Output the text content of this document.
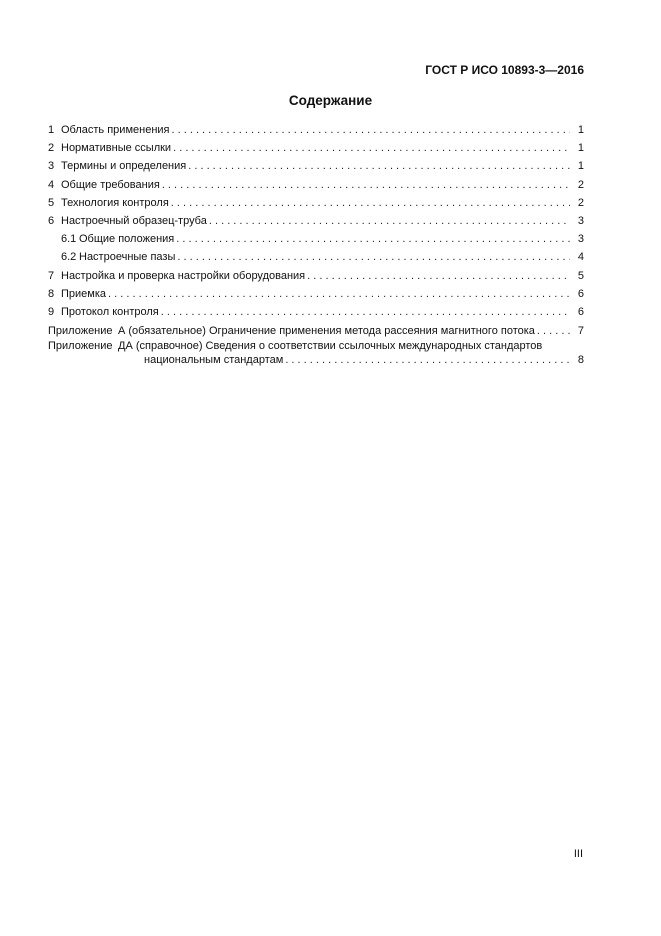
ГОСТ Р ИСО 10893-3—2016
Содержание
1 Область применения . . .	1
2 Нормативные ссылки . . .	1
3 Термины и определения . . .	1
4 Общие требования . . .	2
5 Технология контроля . . .	2
6 Настроечный образец-труба . . .	3
6.1 Общие положения . . .	3
6.2 Настроечные пазы . . .	4
7 Настройка и проверка настройки оборудования . . .	5
8 Приемка . . .	6
9 Протокол контроля . . .	6
Приложение А (обязательное) Ограничение применения метода рассеяния магнитного потока . . .	7
Приложение ДА (справочное) Сведения о соответствии ссылочных международных стандартов
национальным стандартам . . .	8
III
